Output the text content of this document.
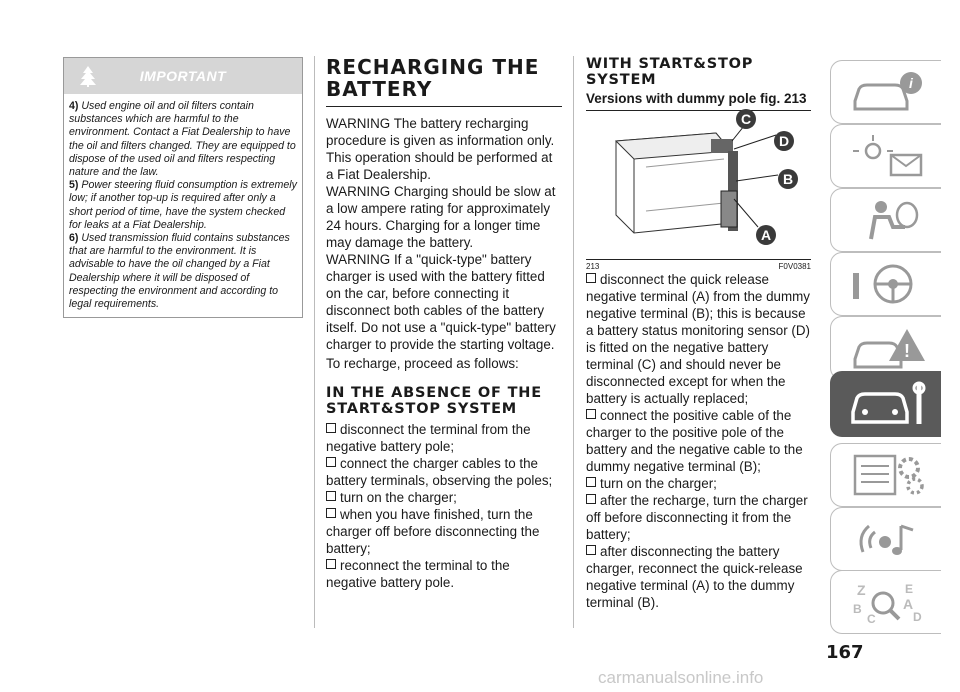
IMPORTANT

4) Used engine oil and oil filters contain substances which are harmful to the environment. Contact a Fiat Dealership to have the oil and filters changed. They are equipped to dispose of the used oil and filters respecting nature and the law.

5) Power steering fluid consumption is extremely low; if another top-up is required after only a short period of time, have the system checked for leaks at a Fiat Dealership.

6) Used transmission fluid contains substances that are harmful to the environment. It is advisable to have the oil changed by a Fiat Dealership where it will be disposed of respecting the environment and according to legal requirements.

RECHARGING THE

BATTERY

WARNING The battery recharging procedure is given as information only. This operation should be performed at a Fiat Dealership.

WARNING Charging should be slow at a low ampere rating for approximately 24 hours. Charging for a longer time may damage the battery.

WARNING If a "quick-type" battery charger is used with the battery fitted on the car, before connecting it disconnect both cables of the battery itself. Do not use a "quick-type" battery charger to provide the starting voltage.

To recharge, proceed as follows:

IN THE ABSENCE OF THE

START&STOP SYSTEM

disconnect the terminal from the negative battery pole;

connect the charger cables to the battery terminals, observing the poles;

turn on the charger;

when you have finished, turn the charger off before disconnecting the battery;

reconnect the terminal to the negative battery pole.

WITH START&STOP

SYSTEM

Versions with dummy pole fig. 213

C
D
B
A
213	F0V0381

disconnect the quick release negative terminal (A) from the dummy negative terminal (B); this is because a battery status monitoring sensor (D) is fitted on the negative battery terminal (C) and should never be disconnected except for when the battery is actually replaced;

connect the positive cable of the charger to the positive pole of the battery and the negative cable to the dummy negative terminal (B);

turn on the charger;

after the recharge, turn the charger off before disconnecting it from the battery;

after disconnecting the battery charger, reconnect the quick-release negative terminal (A) to the dummy terminal (B).

i
!
Z	E
B	A
C	D
167
carmanualsonline.info
